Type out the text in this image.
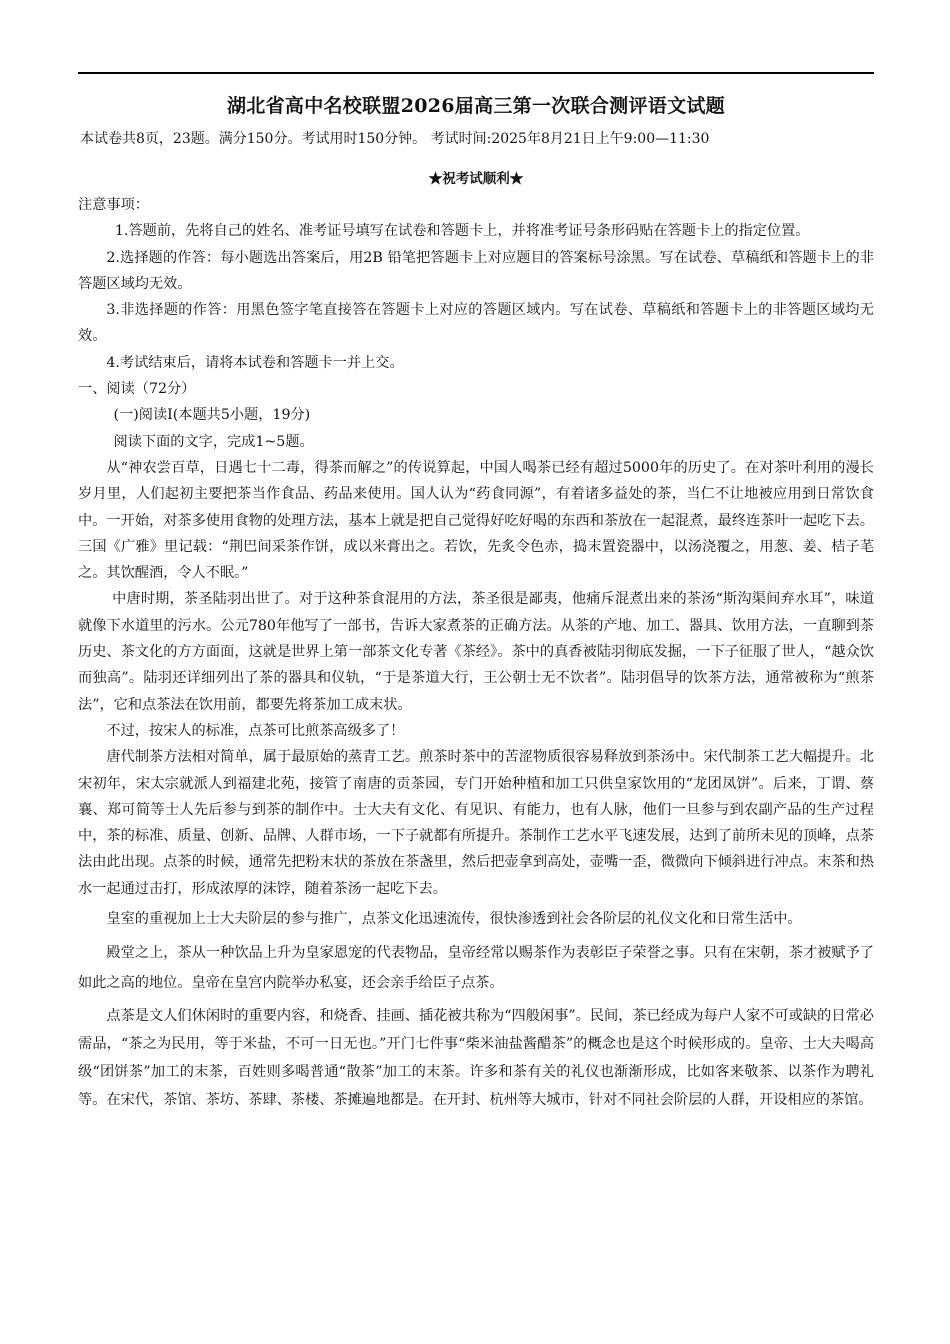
湖北省高中名校联盟2026届高三第一次联合测评语文试题
本试卷共8页，23题。满分150分。考试用时150分钟。 考试时间:2025年8月21日上午9:00—11:30
★祝考试顺利★

注意事项：

1.答题前，先将自己的姓名、准考证号填写在试卷和答题卡上，并将准考证号条形码贴在答题卡上的指定位置。

2.选择题的作答：每小题选出答案后，用2B 铅笔把答题卡上对应题目的答案标号涂黑。写在试卷、草稿纸和答题卡上的非答题区域均无效。

3.非选择题的作答：用黑色签字笔直接答在答题卡上对应的答题区域内。写在试卷、草稿纸和答题卡上的非答题区域均无效。

4.考试结束后，请将本试卷和答题卡一并上交。

一、阅读（72分）

(一)阅读Ⅰ(本题共5小题，19分)

阅读下面的文字，完成1~5题。

从“神农尝百草，日遇七十二毒，得茶而解之”的传说算起，中国人喝茶已经有超过5000年的历史了。在对茶叶利用的漫长岁月里，人们起初主要把茶当作食品、药品来使用。国人认为“药食同源”，有着诸多益处的茶，当仁不让地被应用到日常饮食中。一开始，对茶多使用食物的处理方法，基本上就是把自己觉得好吃好喝的东西和茶放在一起混煮，最终连茶叶一起吃下去。三国《广雅》里记载：“荆巴间采茶作饼，成以米膏出之。若饮，先炙令色赤，捣末置瓷器中，以汤浇覆之，用葱、姜、桔子芼之。其饮醒酒，令人不眠。”

中唐时期，茶圣陆羽出世了。对于这种茶食混用的方法，茶圣很是鄙夷，他痛斥混煮出来的茶汤“斯沟渠间弃水耳”，味道就像下水道里的污水。公元780年他写了一部书，告诉大家煮茶的正确方法。从茶的产地、加工、器具、饮用方法，一直聊到茶历史、茶文化的方方面面，这就是世界上第一部茶文化专著《茶经》。茶中的真香被陆羽彻底发掘，一下子征服了世人，“越众饮而独高”。陆羽还详细列出了茶的器具和仪轨，“于是茶道大行，王公朝士无不饮者”。陆羽倡导的饮茶方法，通常被称为“煎茶法”，它和点茶法在饮用前，都要先将茶加工成末状。

不过，按宋人的标准，点茶可比煎茶高级多了！

唐代制茶方法相对简单，属于最原始的蒸青工艺。煎茶时茶中的苦涩物质很容易释放到茶汤中。宋代制茶工艺大幅提升。北宋初年，宋太宗就派人到福建北苑，接管了南唐的贡茶园，专门开始种植和加工只供皇家饮用的“龙团凤饼”。后来，丁谓、蔡襄、郑可简等士人先后参与到茶的制作中。士大夫有文化、有见识、有能力，也有人脉，他们一旦参与到农副产品的生产过程中，茶的标准、质量、创新、品牌、人群市场，一下子就都有所提升。茶制作工艺水平飞速发展，达到了前所未见的顶峰，点茶法由此出现。点茶的时候，通常先把粉末状的茶放在茶盏里，然后把壶拿到高处，壶嘴一歪，微微向下倾斜进行冲点。末茶和热水一起通过击打，形成浓厚的沫饽，随着茶汤一起吃下去。

皇室的重视加上士大夫阶层的参与推广，点茶文化迅速流传，很快渗透到社会各阶层的礼仪文化和日常生活中。

殿堂之上，茶从一种饮品上升为皇家恩宠的代表物品，皇帝经常以赐茶作为表彰臣子荣誉之事。只有在宋朝，茶才被赋予了如此之高的地位。皇帝在皇宫内院举办私宴，还会亲手给臣子点茶。

点茶是文人们休闲时的重要内容，和烧香、挂画、插花被共称为“四般闲事”。民间，茶已经成为每户人家不可或缺的日常必需品，“茶之为民用，等于米盐，不可一日无也。”开门七件事“柴米油盐酱醋茶”的概念也是这个时候形成的。皇帝、士大夫喝高级“团饼茶”加工的末茶，百姓则多喝普通“散茶”加工的末茶。许多和茶有关的礼仪也渐渐形成，比如客来敬茶、以茶作为聘礼等。在宋代，茶馆、茶坊、茶肆、茶楼、茶摊遍地都是。在开封、杭州等大城市，针对不同社会阶层的人群，开设相应的茶馆。
